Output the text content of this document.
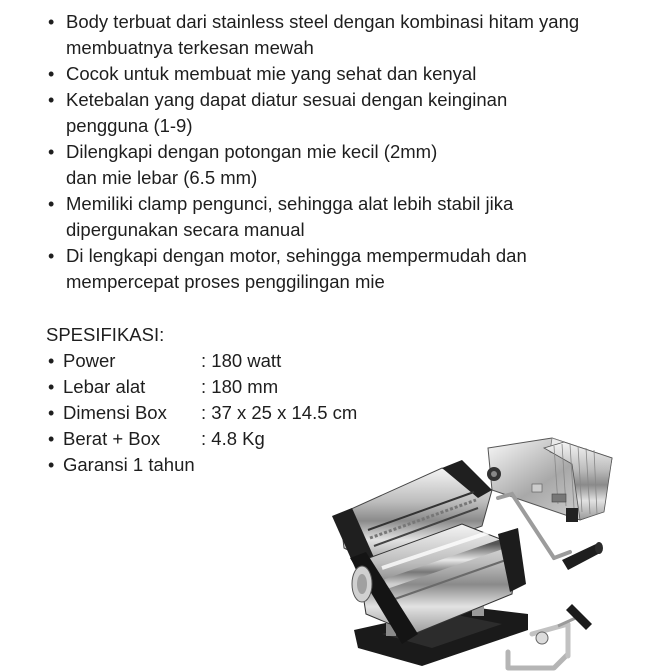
• Body terbuat dari stainless steel dengan kombinasi hitam yang
membuatnya terkesan mewah
• Cocok untuk membuat mie yang sehat dan kenyal
• Ketebalan yang dapat diatur sesuai dengan keinginan
pengguna (1-9)
• Dilengkapi dengan potongan mie kecil (2mm)
dan mie lebar (6.5 mm)
• Memiliki clamp pengunci, sehingga alat lebih stabil jika
dipergunakan secara manual
• Di lengkapi dengan motor, sehingga mempermudah dan
mempercepat proses penggilingan mie

SPESIFIKASI:

• Power	: 180 watt
• Lebar alat	: 180 mm
• Dimensi Box : 37 x 25 x 14.5 cm
• Berat + Box : 4.8 Kg
• Garansi 1 tahun
